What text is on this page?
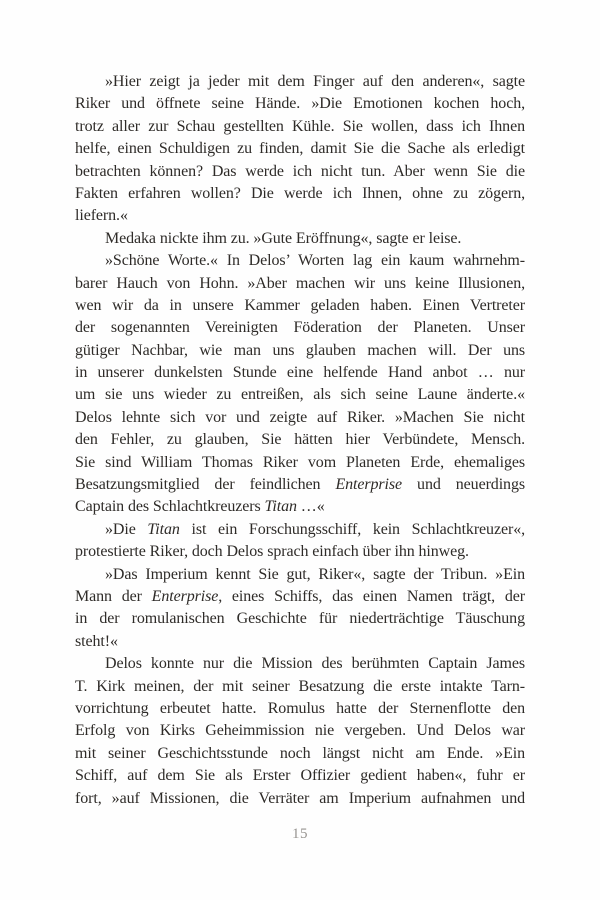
»Hier zeigt ja jeder mit dem Finger auf den anderen«, sagte
Riker und öffnete seine Hände. »Die Emotionen kochen hoch,
trotz aller zur Schau gestellten Kühle. Sie wollen, dass ich Ihnen
helfe, einen Schuldigen zu finden, damit Sie die Sache als erledigt
betrachten können? Das werde ich nicht tun. Aber wenn Sie die
Fakten erfahren wollen? Die werde ich Ihnen, ohne zu zögern,
liefern.«
Medaka nickte ihm zu. »Gute Eröffnung«, sagte er leise.
»Schöne Worte.« In Delos’ Worten lag ein kaum wahrnehm-
barer Hauch von Hohn. »Aber machen wir uns keine Illusionen,
wen wir da in unsere Kammer geladen haben. Einen Vertreter
der sogenannten Vereinigten Föderation der Planeten. Unser
gütiger Nachbar, wie man uns glauben machen will. Der uns
in unserer dunkelsten Stunde eine helfende Hand anbot … nur
um sie uns wieder zu entreißen, als sich seine Laune änderte.«
Delos lehnte sich vor und zeigte auf Riker. »Machen Sie nicht
den Fehler, zu glauben, Sie hätten hier Verbündete, Mensch.
Sie sind William Thomas Riker vom Planeten Erde, ehemaliges
Besatzungsmitglied der feindlichen Enterprise und neuerdings
Captain des Schlachtkreuzers Titan …«
»Die Titan ist ein Forschungsschiff, kein Schlachtkreuzer«,
protestierte Riker, doch Delos sprach einfach über ihn hinweg.
»Das Imperium kennt Sie gut, Riker«, sagte der Tribun. »Ein
Mann der Enterprise, eines Schiffs, das einen Namen trägt, der
in der romulanischen Geschichte für niederträchtige Täuschung
steht!«
Delos konnte nur die Mission des berühmten Captain James
T. Kirk meinen, der mit seiner Besatzung die erste intakte Tarn-
vorrichtung erbeutet hatte. Romulus hatte der Sternenflotte den
Erfolg von Kirks Geheimmission nie vergeben. Und Delos war
mit seiner Geschichtsstunde noch längst nicht am Ende. »Ein
Schiff, auf dem Sie als Erster Offizier gedient haben«, fuhr er
fort, »auf Missionen, die Verräter am Imperium aufnahmen und
15
